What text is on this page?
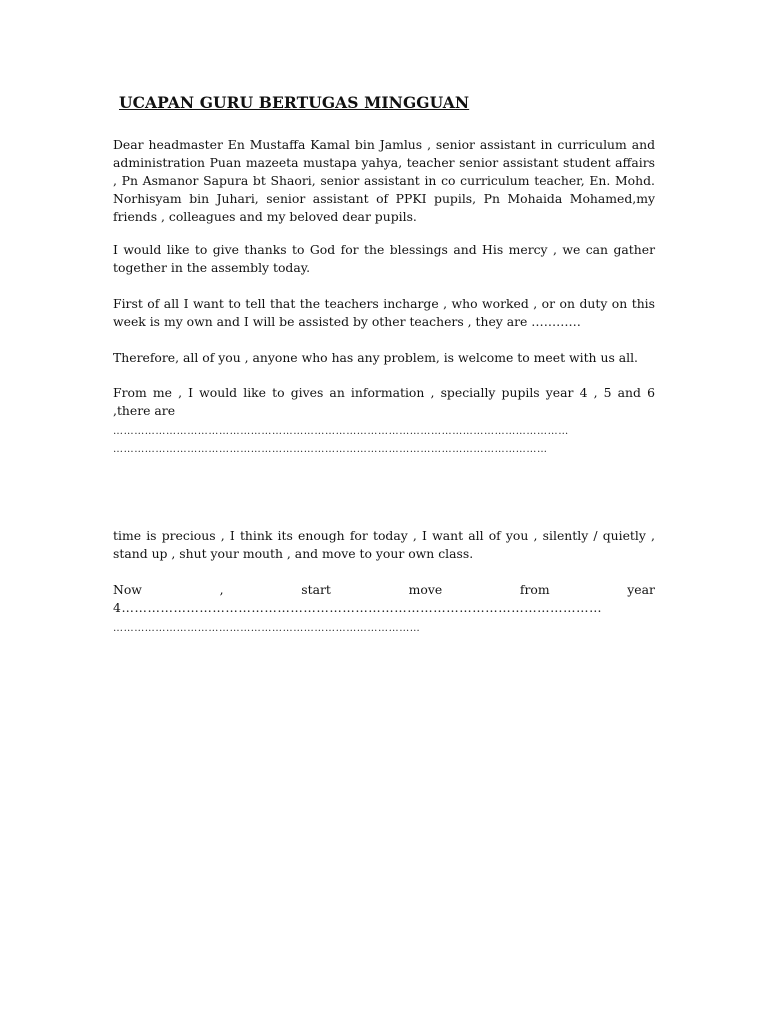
UCAPAN GURU BERTUGAS MINGGUAN

Dear headmaster En Mustaffa Kamal bin Jamlus , senior assistant in curriculum and administration Puan mazeeta mustapa yahya, teacher senior assistant student affairs , Pn Asmanor Sapura bt Shaori, senior assistant in co curriculum teacher, En. Mohd. Norhisyam bin Juhari, senior assistant of PPKI pupils, Pn Mohaida Mohamed,my friends , colleagues and my beloved dear pupils.

I would like to give thanks to God for the blessings and His mercy , we can gather together in the assembly today.

First of all I want to tell that the teachers incharge , who worked , or on duty on this week is my own and I will be assisted by other teachers , they are …………

Therefore, all of you , anyone who has any problem, is welcome to meet with us all.

From me , I would like to gives an information , specially pupils year 4 , 5 and 6 ,there are

…………………………………………………………………………………………………………………
……………………………………………………………………………………………………………

time is precious , I think its enough for today , I want all of you , silently / quietly , stand up , shut your mouth , and move to your own class.

Now	,	start	move	from	year
4…………………………………………………………………………………………………

……………………………………………………………………………
